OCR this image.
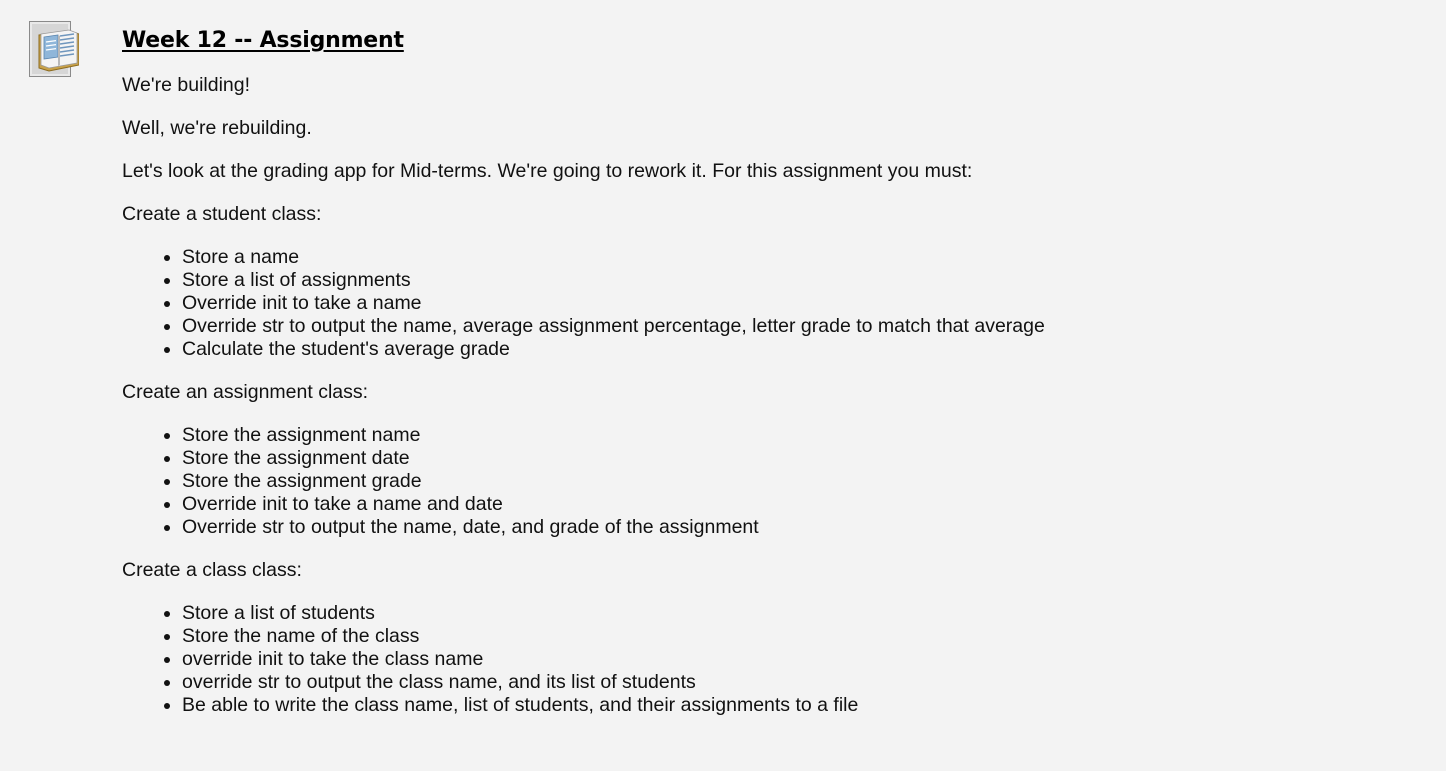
Week 12 -- Assignment

We're building!

Well, we're rebuilding.

Let's look at the grading app for Mid-terms. We're going to rework it. For this assignment you must:

Create a student class:

• Store a name
• Store a list of assignments
• Override init to take a name
• Override str to output the name, average assignment percentage, letter grade to match that average
• Calculate the student's average grade

Create an assignment class:

• Store the assignment name
• Store the assignment date
• Store the assignment grade
• Override init to take a name and date
• Override str to output the name, date, and grade of the assignment

Create a class class:

• Store a list of students
• Store the name of the class
• override init to take the class name
• override str to output the class name, and its list of students
• Be able to write the class name, list of students, and their assignments to a file
